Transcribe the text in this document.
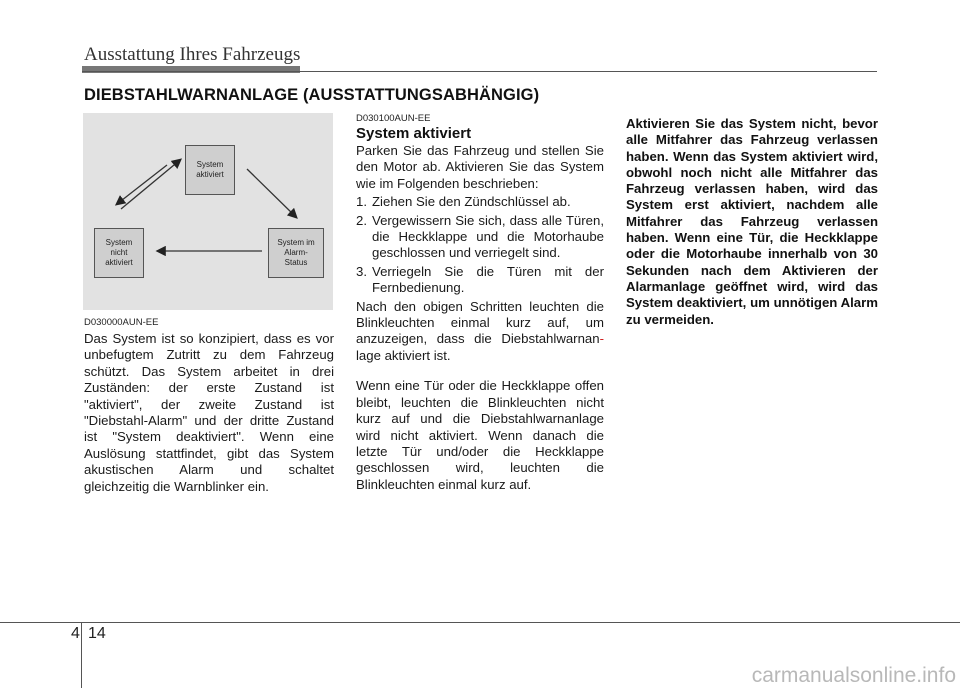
Ausstattung Ihres Fahrzeugs
DIEBSTAHLWARNANLAGE (AUSSTATTUNGSABHÄNGIG)
System
aktiviert
System im
Alarm-
Status
System
nicht
aktiviert
D030000AUN-EE

Das System ist so konzipiert, dass es vor unbefugtem Zutritt zu dem Fahrzeug schützt. Das System arbeitet in drei Zuständen: der erste Zustand ist "aktiviert", der zweite Zustand ist "Diebstahl-Alarm" und der dritte Zustand ist "System deaktiviert". Wenn eine Auslösung stattfindet, gibt das System akustischen Alarm und schaltet gleichzeitig die Warnblinker ein.

D030100AUN-EE
System aktiviert

Parken Sie das Fahrzeug und stellen Sie den Motor ab. Aktivieren Sie das System wie im Folgenden beschrieben:

1. Ziehen Sie den Zündschlüssel ab.
2. Vergewissern Sie sich, dass alle Türen, die Heckklappe und die Motorhaube geschlossen und verriegelt sind.
3. Verriegeln Sie die Türen mit der Fernbedienung.

Nach den obigen Schritten leuchten die Blinkleuchten einmal kurz auf, um anzuzeigen, dass die Diebstahlwarnan- lage aktiviert ist.

Wenn eine Tür oder die Heckklappe offen bleibt, leuchten die Blinkleuchten nicht kurz auf und die Diebstahlwarnanlage wird nicht aktiviert. Wenn danach die letzte Tür und/oder die Heckklappe geschlossen wird, leuchten die Blinkleuchten einmal kurz auf.

Aktivieren Sie das System nicht, bevor alle Mitfahrer das Fahrzeug verlassen haben. Wenn das System aktiviert wird, obwohl noch nicht alle Mitfahrer das Fahrzeug verlassen haben, wird das System erst aktiviert, nachdem alle Mitfahrer das Fahrzeug verlassen haben. Wenn eine Tür, die Heckklappe oder die Motorhaube innerhalb von 30 Sekunden nach dem Aktivieren der Alarmanlage geöffnet wird, wird das System deaktiviert, um unnötigen Alarm zu vermeiden.

4 14
carmanualsonline.info
